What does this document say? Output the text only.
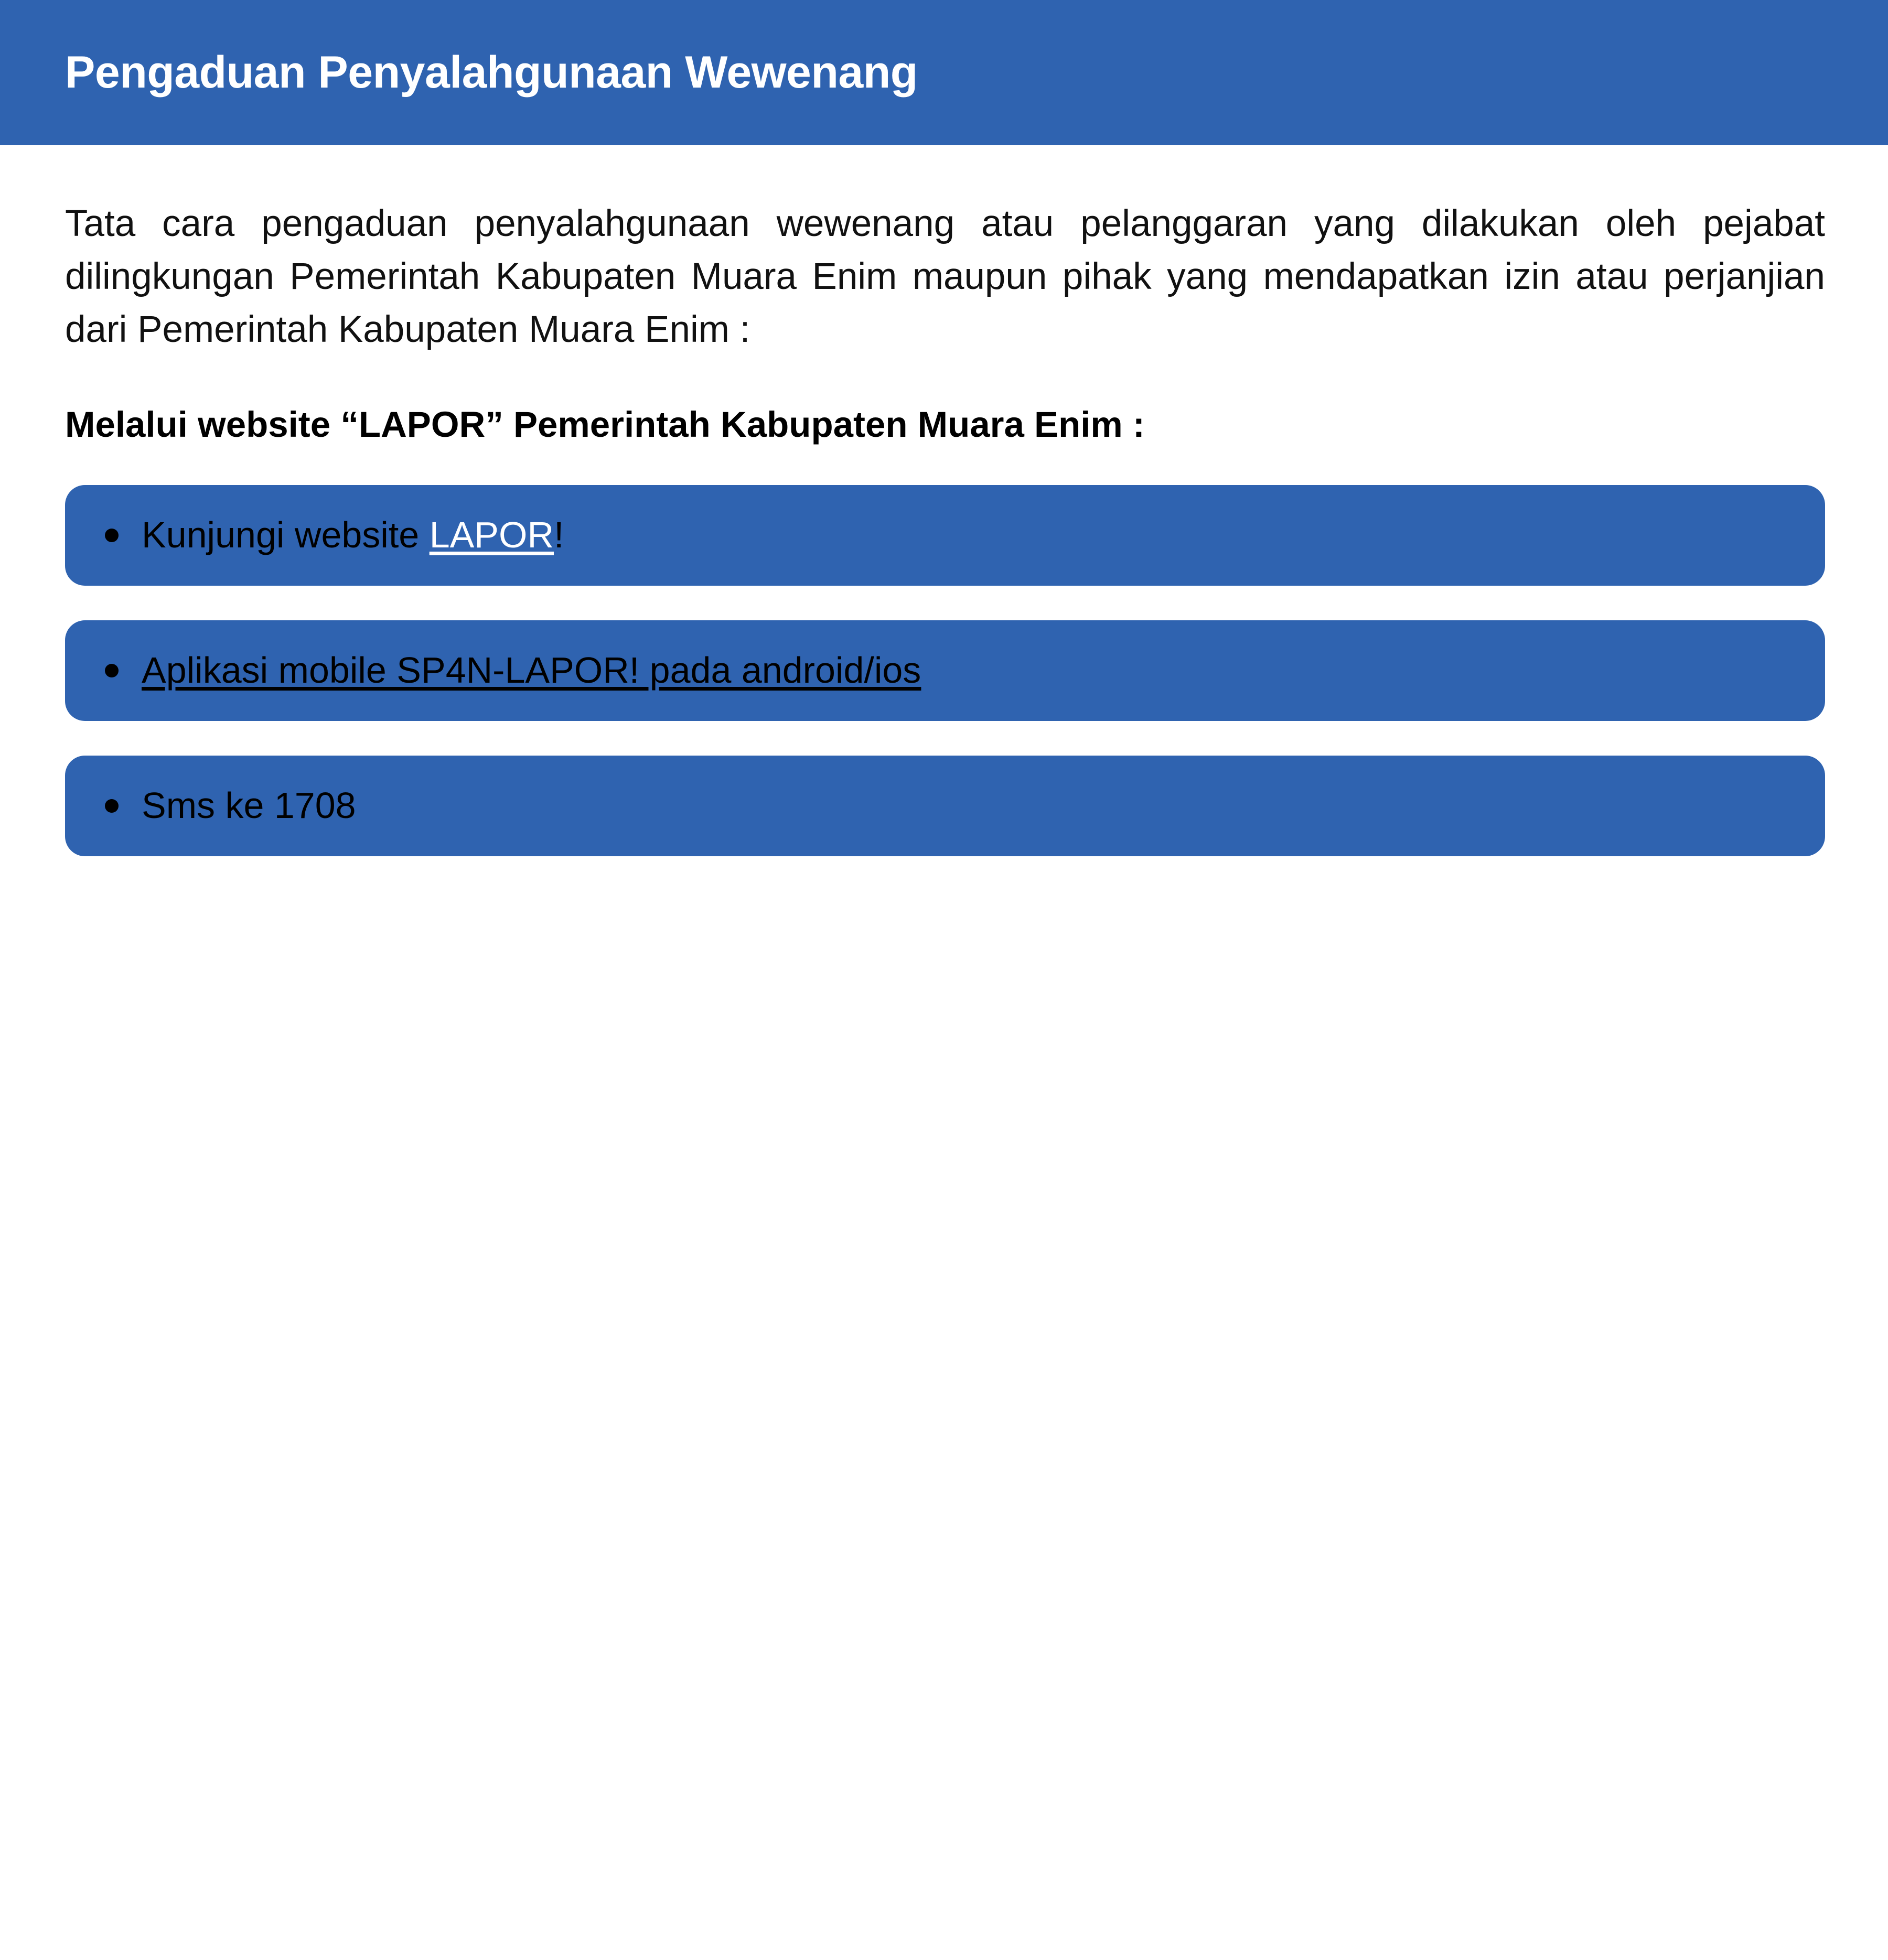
Pengaduan Penyalahgunaan Wewenang

Tata cara pengaduan penyalahgunaan wewenang atau pelanggaran yang dilakukan oleh pejabat dilingkungan Pemerintah Kabupaten Muara Enim maupun pihak yang mendapatkan izin atau perjanjian dari Pemerintah Kabupaten Muara Enim :

Melalui website “LAPOR” Pemerintah Kabupaten Muara Enim :

Kunjungi website LAPOR!
Aplikasi mobile SP4N-LAPOR! pada android/ios
Sms ke 1708
